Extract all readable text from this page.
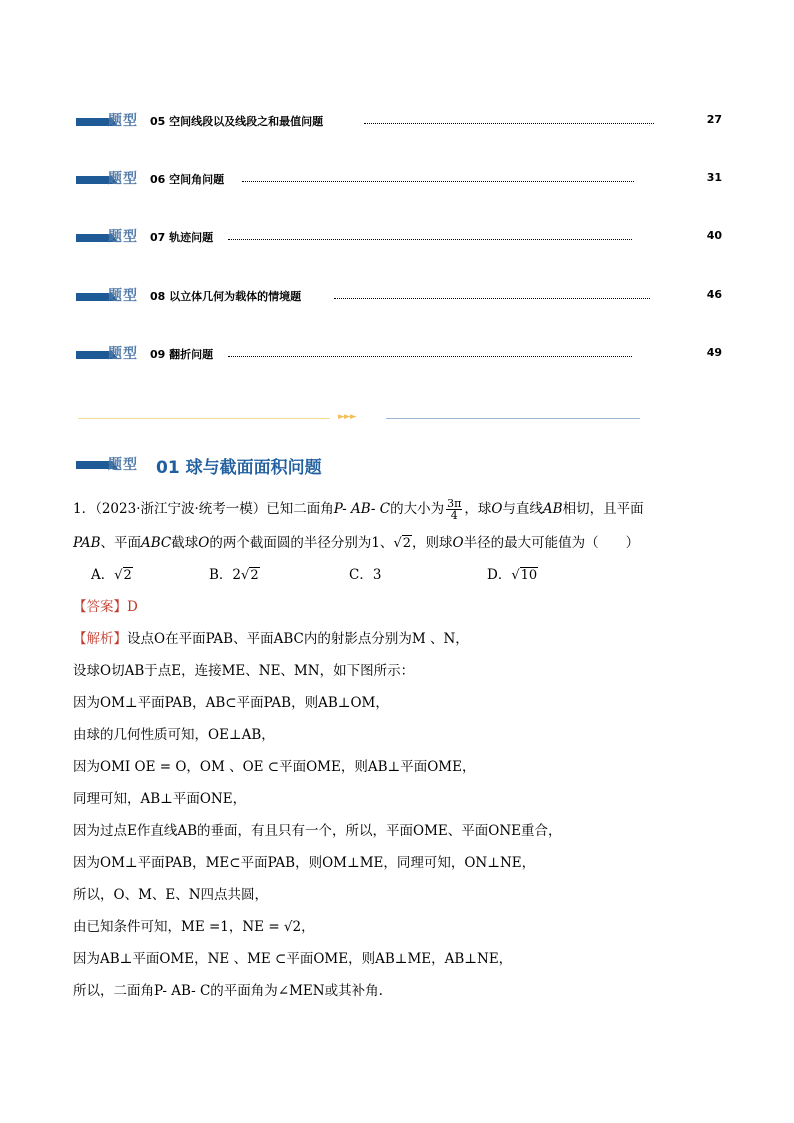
题型 05 空间线段以及线段之和最值问题	27
题型 06 空间角问题	31
题型 07 轨迹问题	40
题型 08 以立体几何为载体的情境题	46
题型 09 翻折问题	49
►►►
题型 01 球与截面面积问题
1．（2023·浙江宁波·统考一模）已知二面角P- AB- C的大小为 $\frac{3\pi}{4}$ ，球O与直线AB相切，且平面
PAB、平面ABC截球O的两个截面圆的半径分别为1、√2，则球O半径的最大可能值为（　　）
A．√2	B．2√2	C．3	D．√10
【答案】D
【解析】设点O在平面PAB、平面ABC内的射影点分别为M 、N，
设球O切AB于点E，连接ME、NE、MN，如下图所示：
因为OM⊥平面PAB，AB⊂平面PAB，则AB⊥OM，
由球的几何性质可知，OE⊥AB，
因为OMI OE = O，OM 、OE ⊂平面OME，则AB⊥平面OME，
同理可知，AB⊥平面ONE，
因为过点E作直线AB的垂面，有且只有一个，所以，平面OME、平面ONE重合，
因为OM⊥平面PAB，ME⊂平面PAB，则OM⊥ME，同理可知，ON⊥NE，
所以，O、M、E、N四点共圆，
由已知条件可知，ME =1，NE = √2，
因为AB⊥平面OME，NE 、ME ⊂平面OME，则AB⊥ME，AB⊥NE，
所以，二面角P- AB- C的平面角为∠MEN或其补角.
